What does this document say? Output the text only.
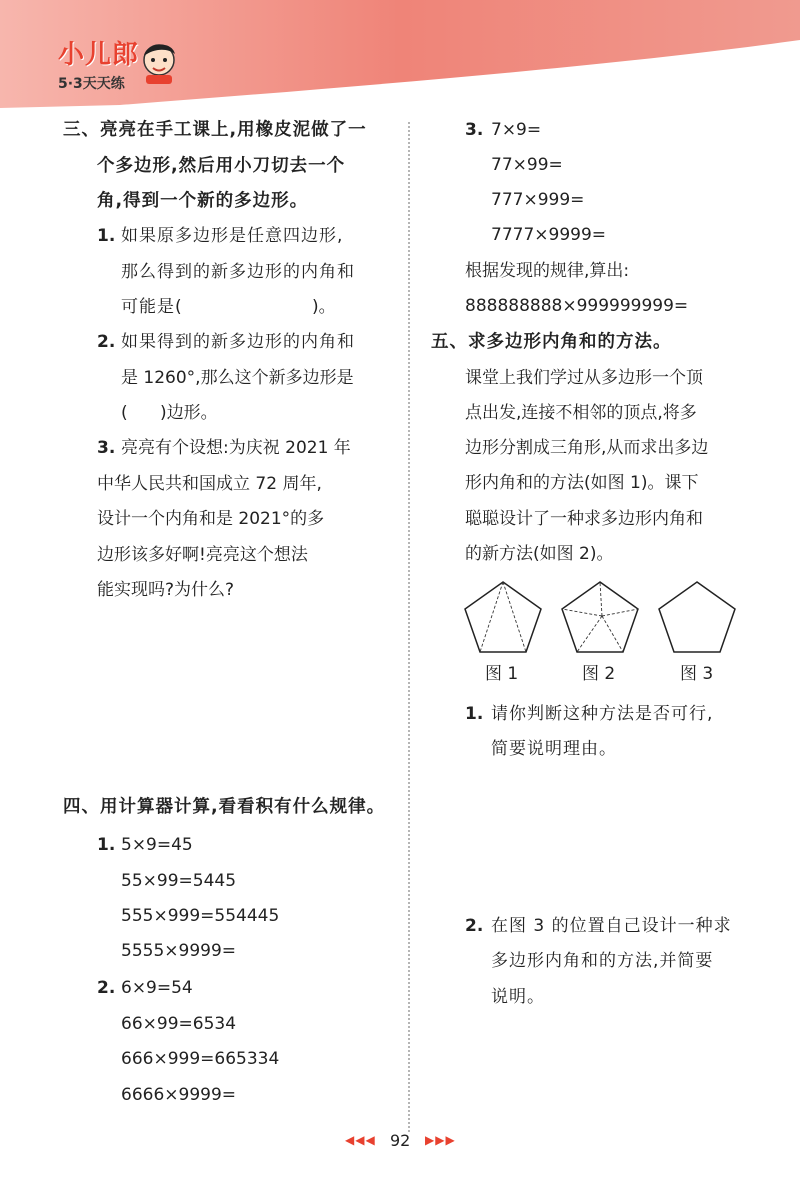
小儿郎
5·3天天练
三、亮亮在手工课上,用橡皮泥做了一
个多边形,然后用小刀切去一个
角,得到一个新的多边形。
1. 如果原多边形是任意四边形,
那么得到的新多边形的内角和
可能是(	)。
2. 如果得到的新多边形的内角和
是 1260°,那么这个新多边形是
(      )边形。
3. 亮亮有个设想:为庆祝 2021 年
中华人民共和国成立 72 周年,
设计一个内角和是 2021°的多
边形该多好啊!亮亮这个想法
能实现吗?为什么?
四、用计算器计算,看看积有什么规律。
1. 5×9=45
55×99=5445
555×999=554445
5555×9999=
2. 6×9=54
66×99=6534
666×999=665334
6666×9999=
3. 7×9=
77×99=
777×999=
7777×9999=
根据发现的规律,算出:
888888888×999999999=
五、求多边形内角和的方法。
课堂上我们学过从多边形一个顶
点出发,连接不相邻的顶点,将多
边形分割成三角形,从而求出多边
形内角和的方法(如图 1)。课下
聪聪设计了一种求多边形内角和
的新方法(如图 2)。
图 1	图 2	图 3
1. 请你判断这种方法是否可行,
简要说明理由。
2. 在图 3 的位置自己设计一种求
多边形内角和的方法,并简要
说明。
◀◀◀ 92 ▶▶▶
